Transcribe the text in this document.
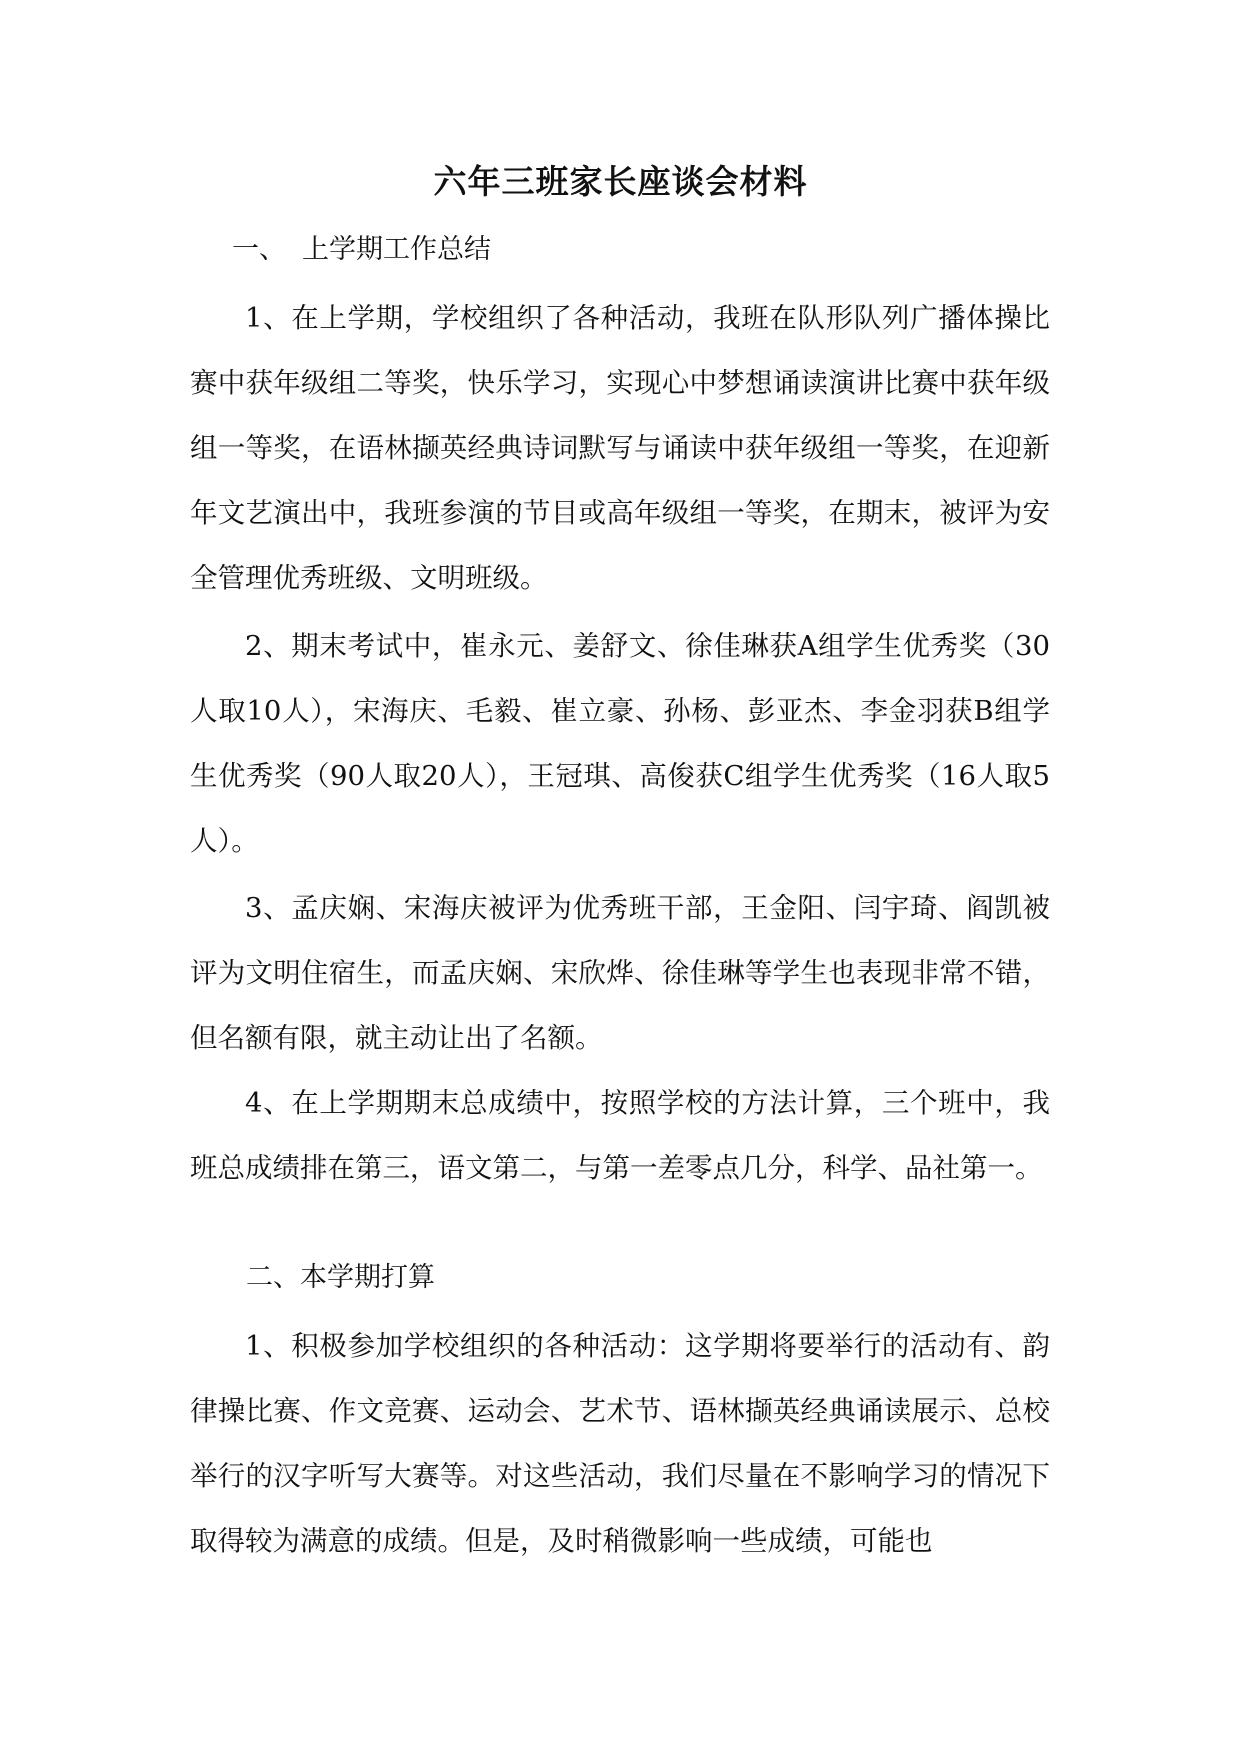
六年三班家长座谈会材料

一、 上学期工作总结

1、在上学期，学校组织了各种活动，我班在队形队列广播体操比赛中获年级组二等奖，快乐学习，实现心中梦想诵读演讲比赛中获年级组一等奖，在语林撷英经典诗词默写与诵读中获年级组一等奖，在迎新年文艺演出中，我班参演的节目或高年级组一等奖，在期末，被评为安全管理优秀班级、文明班级。

2、期末考试中，崔永元、姜舒文、徐佳琳获A组学生优秀奖（30人取10人），宋海庆、毛毅、崔立豪、孙杨、彭亚杰、李金羽获B组学生优秀奖（90人取20人），王冠琪、高俊获C组学生优秀奖（16人取5人）。

3、孟庆娴、宋海庆被评为优秀班干部，王金阳、闫宇琦、阎凯被评为文明住宿生，而孟庆娴、宋欣烨、徐佳琳等学生也表现非常不错，但名额有限，就主动让出了名额。

4、在上学期期末总成绩中，按照学校的方法计算，三个班中，我班总成绩排在第三，语文第二，与第一差零点几分，科学、品社第一。

二、本学期打算

1、积极参加学校组织的各种活动：这学期将要举行的活动有、韵律操比赛、作文竞赛、运动会、艺术节、语林撷英经典诵读展示、总校举行的汉字听写大赛等。对这些活动，我们尽量在不影响学习的情况下取得较为满意的成绩。但是，及时稍微影响一些成绩，可能也
